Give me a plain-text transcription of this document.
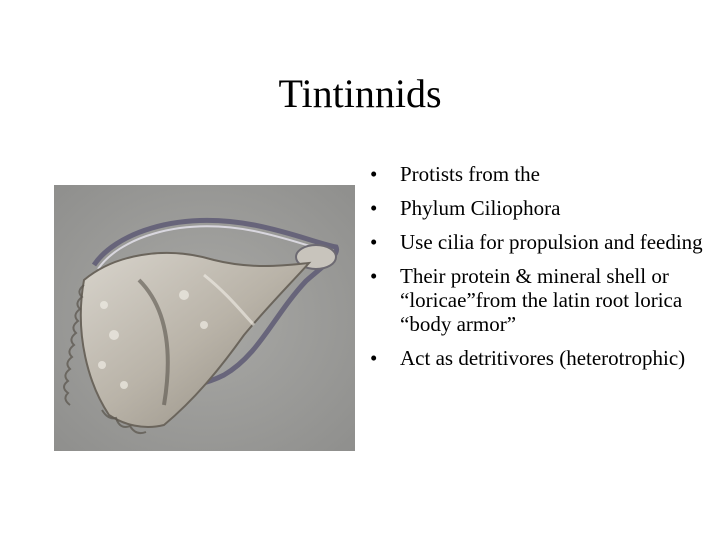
Tintinnids
• Protists from the
• Phylum Ciliophora
• Use cilia for propulsion and feeding
• Their protein & mineral shell or “loricae”from the latin root lorica “body armor”
• Act as detritivores (heterotrophic)
